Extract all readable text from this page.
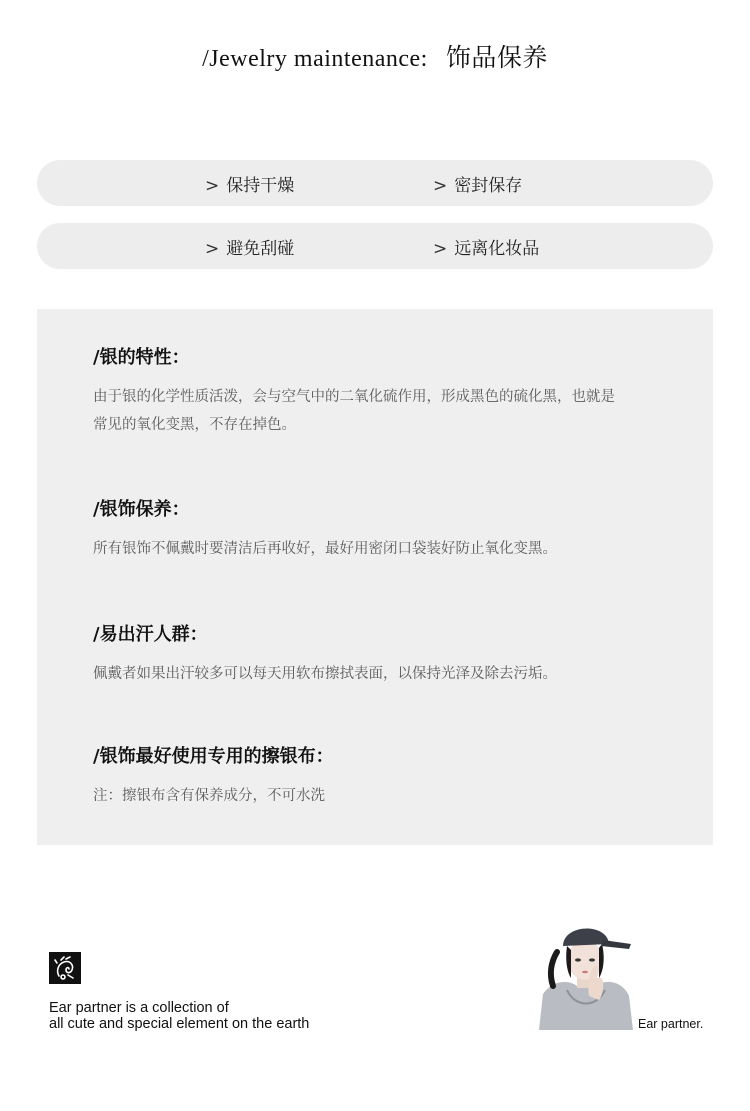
/Jewelry maintenance: 饰品保养
> 保持干燥	> 密封保存
> 避免刮碰	> 远离化妆品
/银的特性：

由于银的化学性质活泼，会与空气中的二氧化硫作用，形成黑色的硫化黑，也就是
常见的氧化变黑，不存在掉色。

/银饰保养：

所有银饰不佩戴时要清洁后再收好，最好用密闭口袋装好防止氧化变黑。

/易出汗人群：

佩戴者如果出汗较多可以每天用软布擦拭表面，以保持光泽及除去污垢。

/银饰最好使用专用的擦银布：

注：擦银布含有保养成分，不可水洗

Ear partner is a collection of
all cute and special element on the earth	Ear partner.
